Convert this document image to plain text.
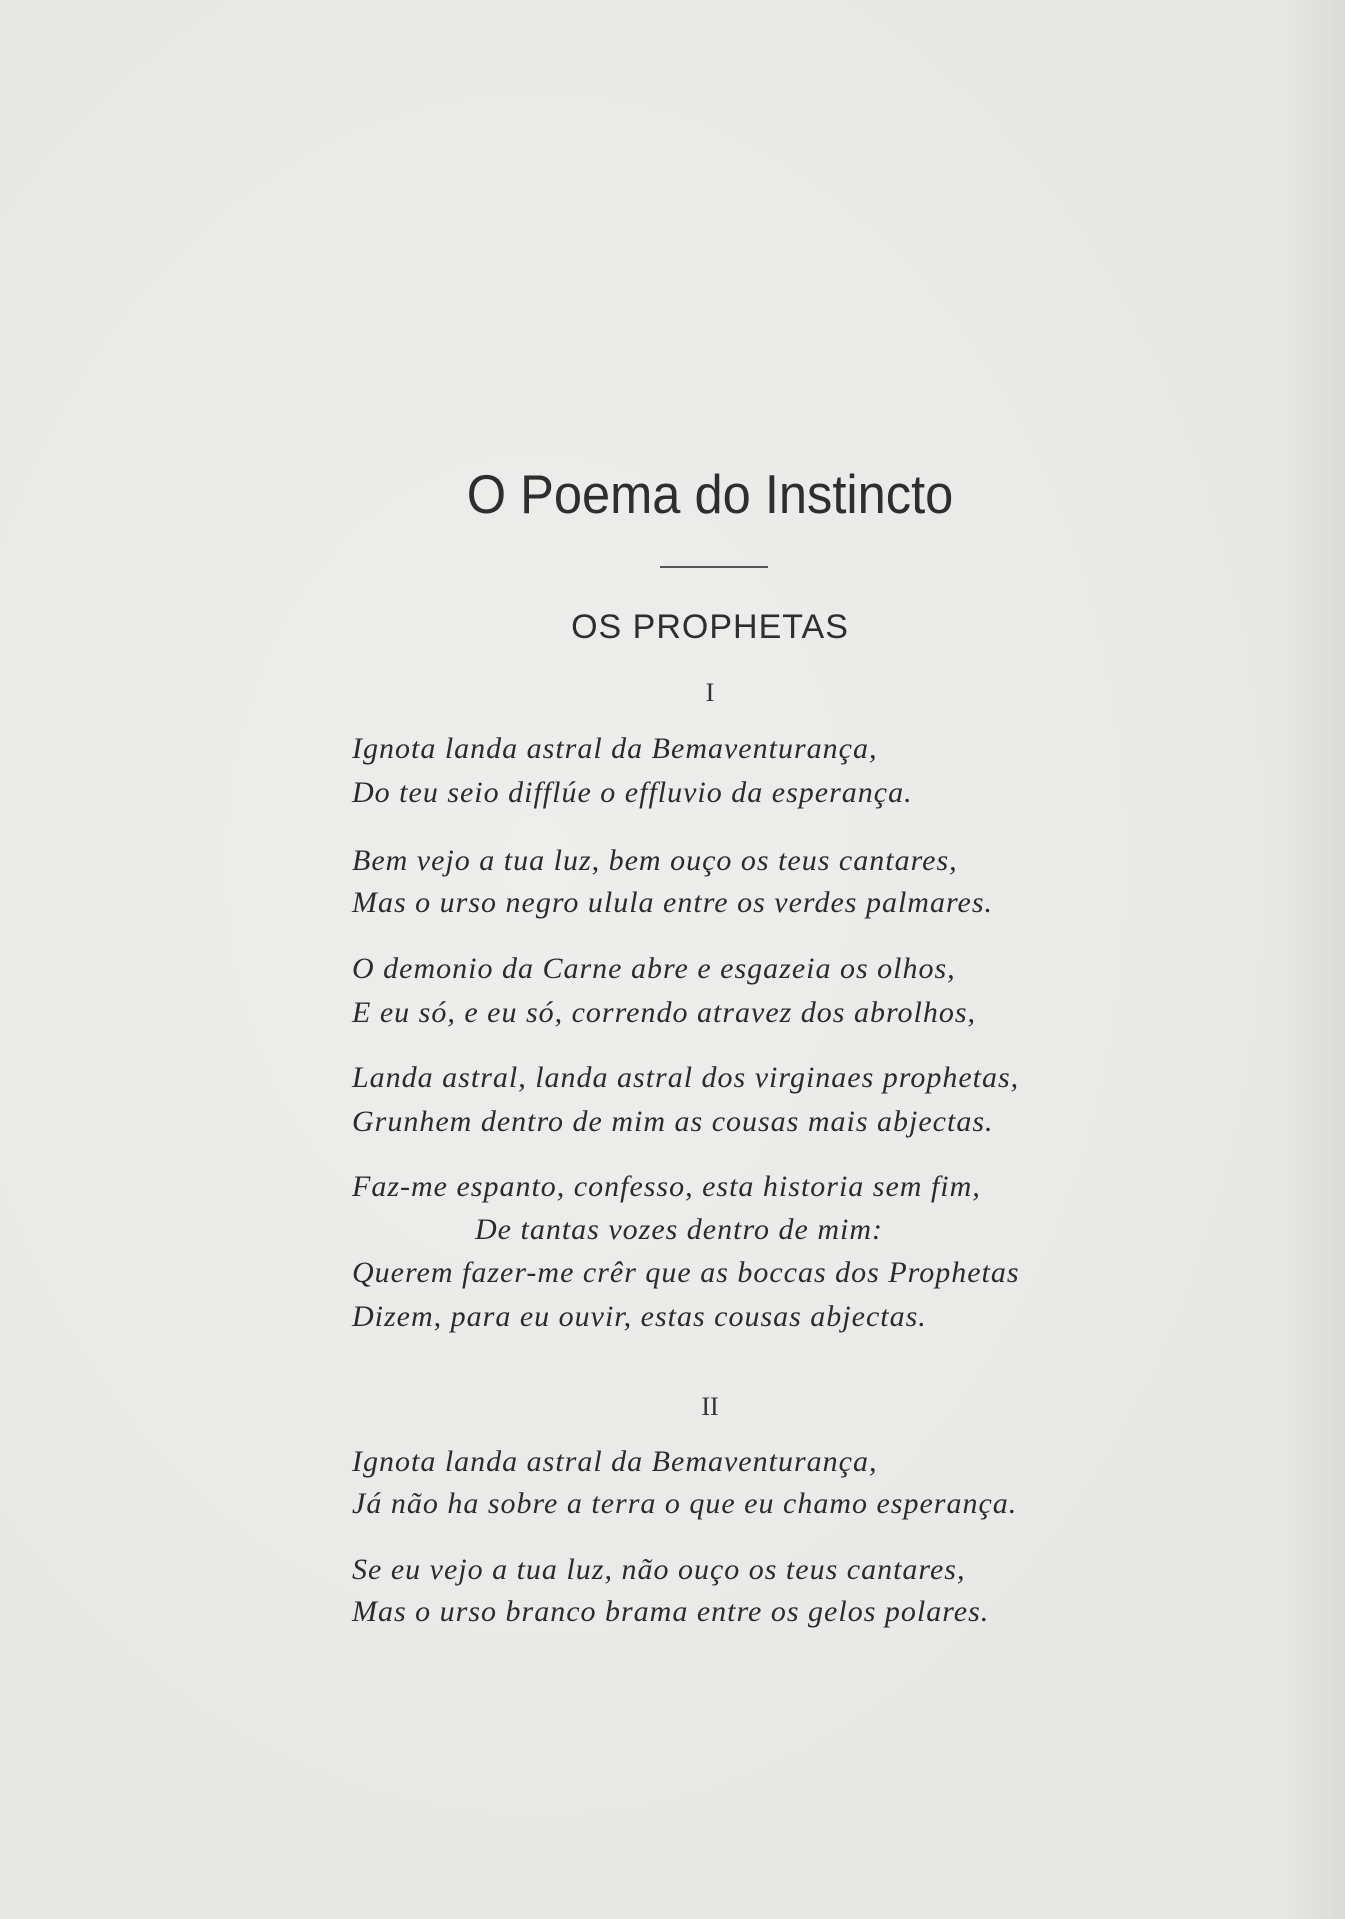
O Poema do Instincto
OS PROPHETAS
I
Ignota landa astral da Bemaventurança,
Do teu seio difflúe o effluvio da esperança.
Bem vejo a tua luz, bem ouço os teus cantares,
Mas o urso negro ulula entre os verdes palmares.
O demonio da Carne abre e esgazeia os olhos,
E eu só, e eu só, correndo atravez dos abrolhos,
Landa astral, landa astral dos virginaes prophetas,
Grunhem dentro de mim as cousas mais abjectas.
Faz-me espanto, confesso, esta historia sem fim,
De tantas vozes dentro de mim:
Querem fazer-me crêr que as boccas dos Prophetas
Dizem, para eu ouvir, estas cousas abjectas.
II
Ignota landa astral da Bemaventurança,
Já não ha sobre a terra o que eu chamo esperança.
Se eu vejo a tua luz, não ouço os teus cantares,
Mas o urso branco brama entre os gelos polares.
